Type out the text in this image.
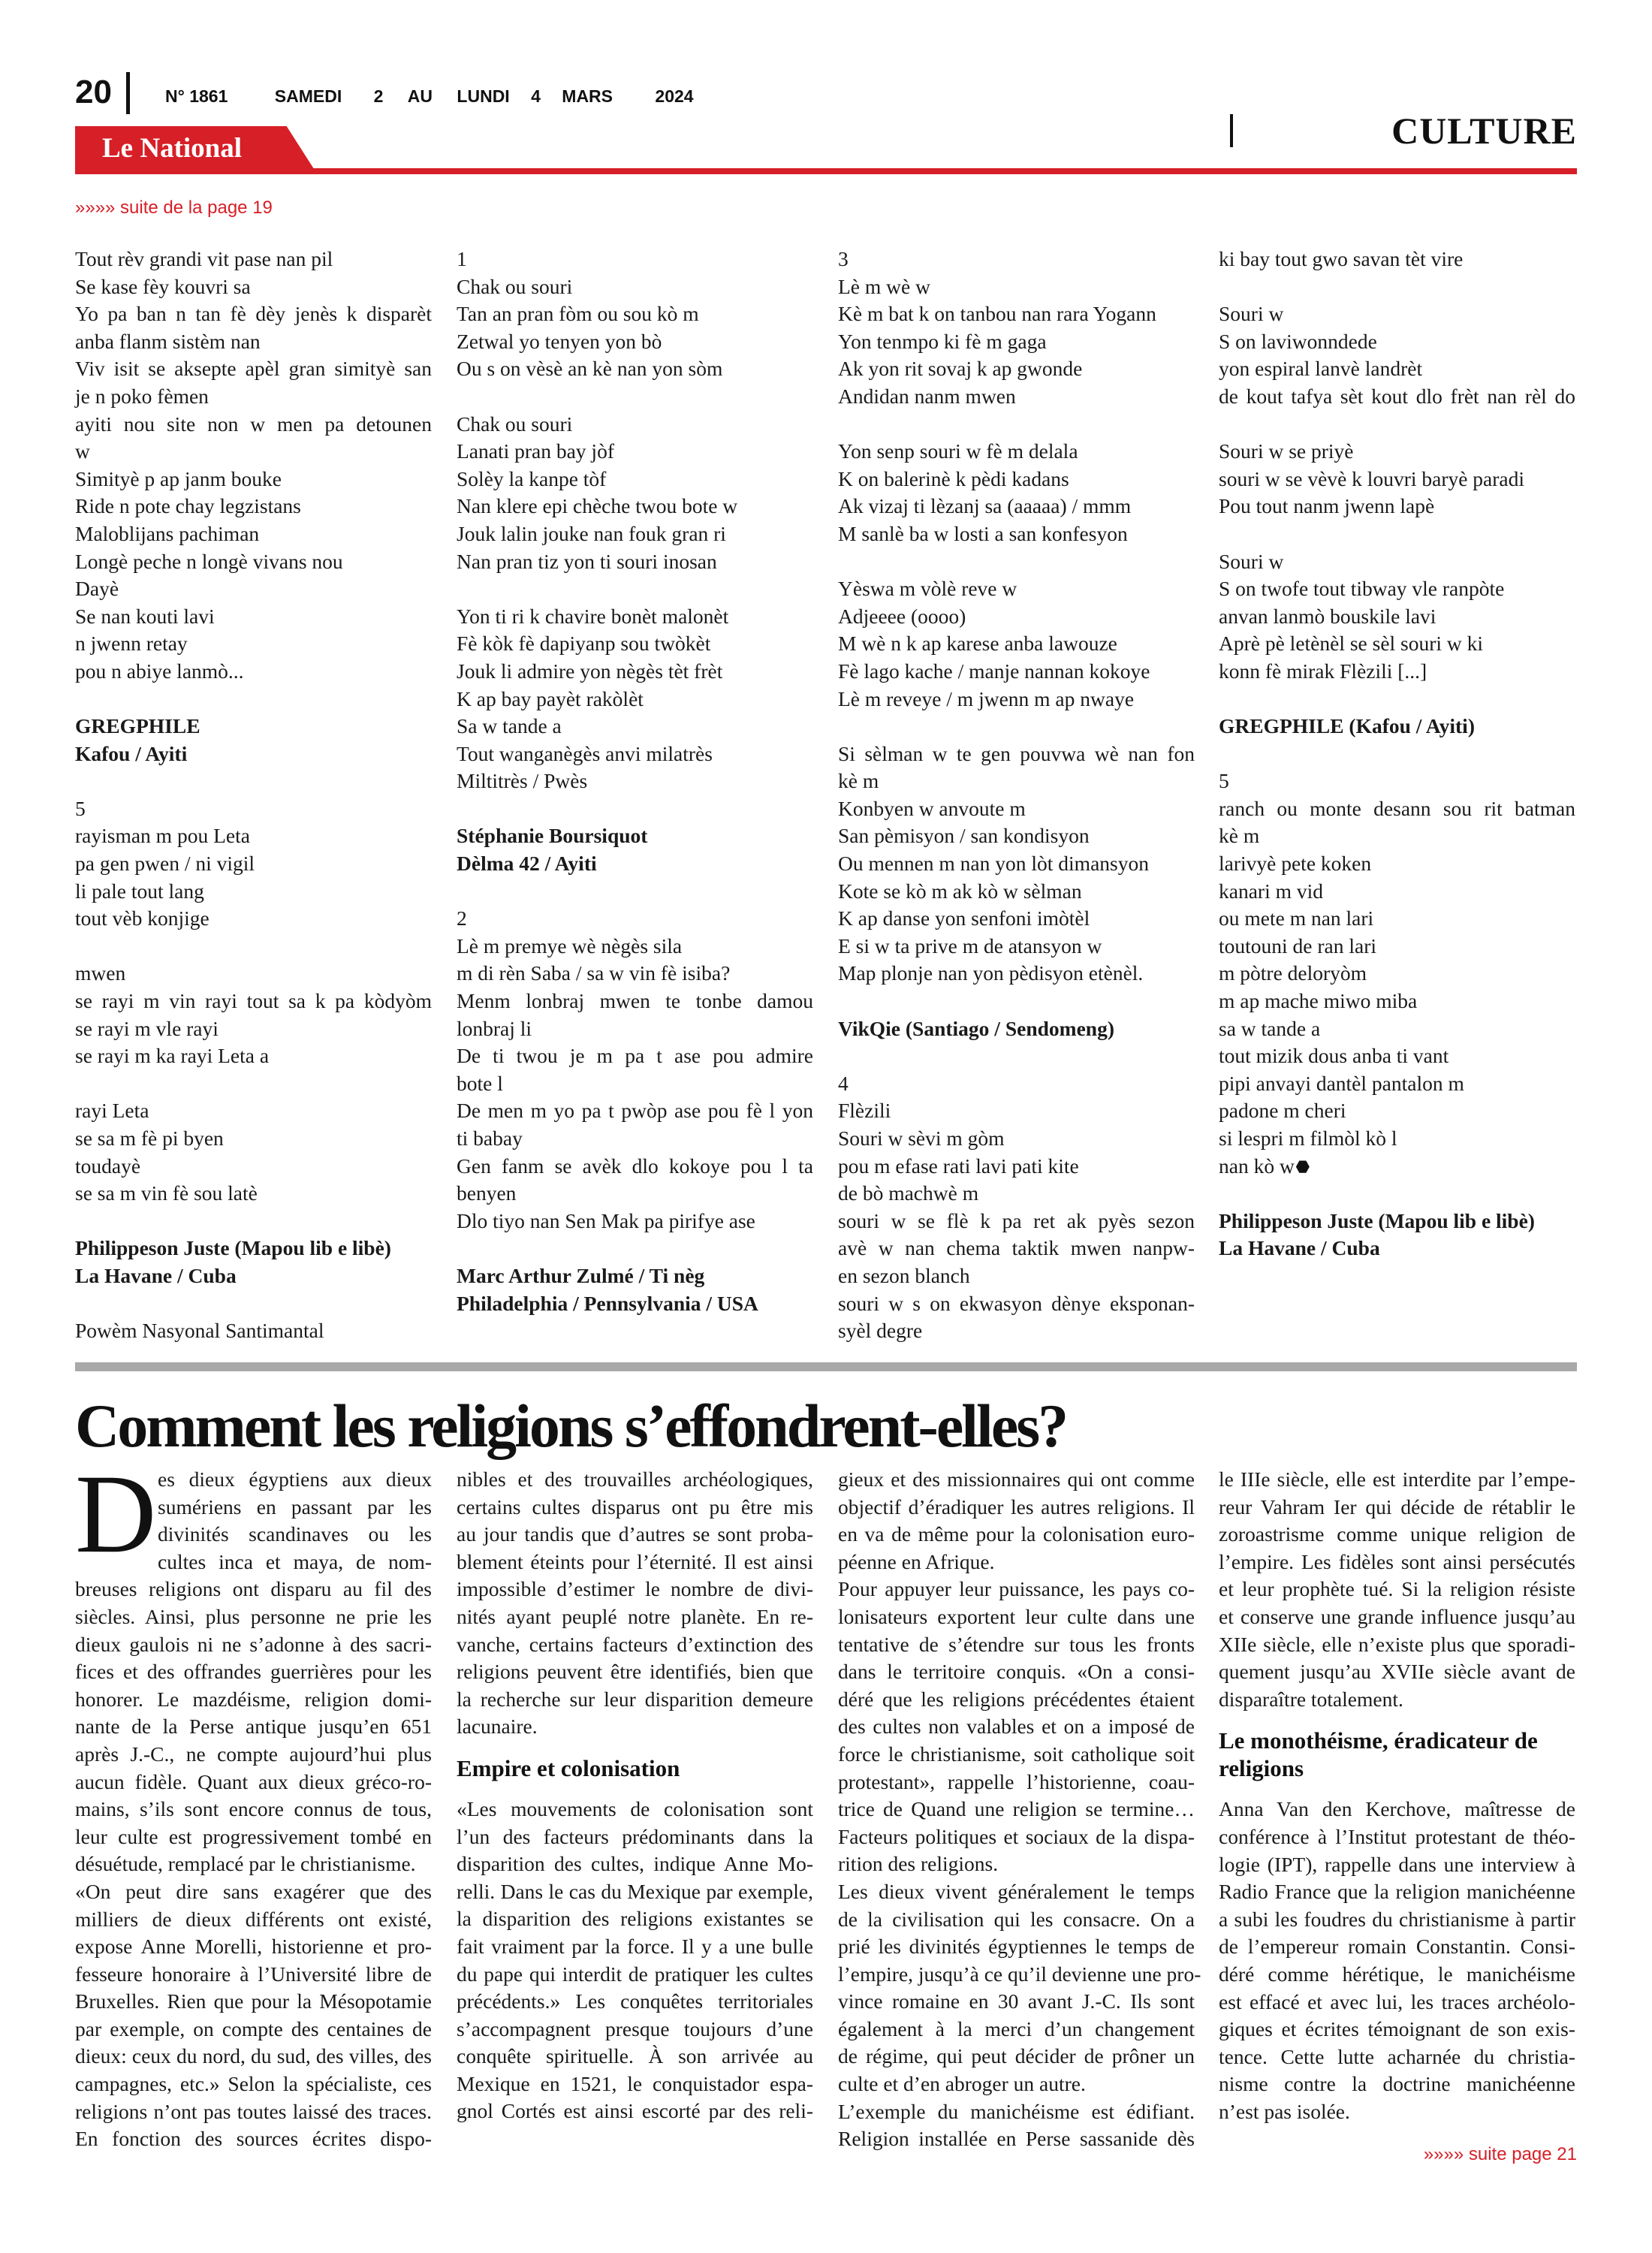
20	N° 1861	SAMEDI 2 AU LUNDI 4 MARS 2024
Le National	CULTURE
»»»» suite de la page 19
Tout rèv grandi vit pase nan pil
Se kase fèy kouvri sa
Yo pa ban n tan fè dèy jenès k disparèt
anba flanm sistèm nan
Viv isit se aksepte apèl gran simityè san
je n poko fèmen
ayiti nou site non w men pa detounen
w
Simityè p ap janm bouke
Ride n pote chay legzistans
Maloblijans pachiman
Longè peche n longè vivans nou
Dayè
Se nan kouti lavi
n jwenn retay
pou n abiye lanmò...
GREGPHILE
Kafou / Ayiti
5
rayisman m pou Leta
pa gen pwen / ni vigil
li pale tout lang
tout vèb konjige
mwen
se rayi m vin rayi tout sa k pa kòdyòm
se rayi m vle rayi
se rayi m ka rayi Leta a
rayi Leta
se sa m fè pi byen
toudayè
se sa m vin fè sou latè
Philippeson Juste (Mapou lib e libè)
La Havane / Cuba
Powèm Nasyonal Santimantal
1
Chak ou souri
Tan an pran fòm ou sou kò m
Zetwal yo tenyen yon bò
Ou s on vèsè an kè nan yon sòm
Chak ou souri
Lanati pran bay jòf
Solèy la kanpe tòf
Nan klere epi chèche twou bote w
Jouk lalin jouke nan fouk gran ri
Nan pran tiz yon ti souri inosan
Yon ti ri k chavire bonèt malonèt
Fè kòk fè dapiyanp sou twòkèt
Jouk li admire yon nègès tèt frèt
K ap bay payèt rakòlèt
Sa w tande a
Tout wanganègès anvi milatrès
Miltitrès / Pwès
Stéphanie Boursiquot
Dèlma 42 / Ayiti
2
Lè m premye wè nègès sila
m di rèn Saba / sa w vin fè isiba?
Menm lonbraj mwen te tonbe damou
lonbraj li
De ti twou je m pa t ase pou admire
bote l
De men m yo pa t pwòp ase pou fè l yon
ti babay
Gen fanm se avèk dlo kokoye pou l ta
benyen
Dlo tiyo nan Sen Mak pa pirifye ase
Marc Arthur Zulmé / Ti nèg
Philadelphia / Pennsylvania / USA
3
Lè m wè w
Kè m bat k on tanbou nan rara Yogann
Yon tenmpo ki fè m gaga
Ak yon rit sovaj k ap gwonde
Andidan nanm mwen
Yon senp souri w fè m delala
K on balerinè k pèdi kadans
Ak vizaj ti lèzanj sa (aaaaa) / mmm
M sanlè ba w losti a san konfesyon
Yèswa m vòlè reve w
Adjeeee (oooo)
M wè n k ap karese anba lawouze
Fè lago kache / manje nannan kokoye
Lè m reveye / m jwenn m ap nwaye
Si sèlman w te gen pouvwa wè nan fon
kè m
Konbyen w anvoute m
San pèmisyon / san kondisyon
Ou mennen m nan yon lòt dimansyon
Kote se kò m ak kò w sèlman
K ap danse yon senfoni imòtèl
E si w ta prive m de atansyon w
Map plonje nan yon pèdisyon etènèl.
VikQie (Santiago / Sendomeng)
4
Flèzili
Souri w sèvi m gòm
pou m efase rati lavi pati kite
de bò machwè m
souri w se flè k pa ret ak pyès sezon
avè w nan chema taktik mwen nanpw-
en sezon blanch
souri w s on ekwasyon dènye eksponan-
syèl degre
ki bay tout gwo savan tèt vire
Souri w
S on laviwonndede
yon espiral lanvè landrèt
de kout tafya sèt kout dlo frèt nan rèl do
Souri w se priyè
souri w se vèvè k louvri baryè paradi
Pou tout nanm jwenn lapè
Souri w
S on twofe tout tibway vle ranpòte
anvan lanmò bouskile lavi
Aprè pè letènèl se sèl souri w ki
konn fè mirak Flèzili [...]
GREGPHILE (Kafou / Ayiti)
5
ranch ou monte desann sou rit batman
kè m
larivyè pete koken
kanari m vid
ou mete m nan lari
toutouni de ran lari
m pòtre deloryòm
m ap mache miwo miba
sa w tande a
tout mizik dous anba ti vant
pipi anvayi dantèl pantalon m
padone m cheri
si lespri m filmòl kò l
nan kò w
Philippeson Juste (Mapou lib e libè)
La Havane / Cuba
Comment les religions s’effondrent-elles?
D es dieux égyptiens aux dieux
sumériens en passant par les
divinités scandinaves ou les
cultes inca et maya, de nom-
breuses religions ont disparu au fil des
siècles. Ainsi, plus personne ne prie les
dieux gaulois ni ne s’adonne à des sacri-
fices et des offrandes guerrières pour les
honorer. Le mazdéisme, religion domi-
nante de la Perse antique jusqu’en 651
après J.-C., ne compte aujourd’hui plus
aucun fidèle. Quant aux dieux gréco-ro-
mains, s’ils sont encore connus de tous,
leur culte est progressivement tombé en
désuétude, remplacé par le christianisme.
«On peut dire sans exagérer que des
milliers de dieux différents ont existé,
expose Anne Morelli, historienne et pro-
fesseure honoraire à l’Université libre de
Bruxelles. Rien que pour la Mésopotamie
par exemple, on compte des centaines de
dieux: ceux du nord, du sud, des villes, des
campagnes, etc.» Selon la spécialiste, ces
religions n’ont pas toutes laissé des traces.
En fonction des sources écrites dispo-
nibles et des trouvailles archéologiques,
certains cultes disparus ont pu être mis
au jour tandis que d’autres se sont proba-
blement éteints pour l’éternité. Il est ainsi
impossible d’estimer le nombre de divi-
nités ayant peuplé notre planète. En re-
vanche, certains facteurs d’extinction des
religions peuvent être identifiés, bien que
la recherche sur leur disparition demeure
lacunaire.
Empire et colonisation
«Les mouvements de colonisation sont
l’un des facteurs prédominants dans la
disparition des cultes, indique Anne Mo-
relli. Dans le cas du Mexique par exemple,
la disparition des religions existantes se
fait vraiment par la force. Il y a une bulle
du pape qui interdit de pratiquer les cultes
précédents.» Les conquêtes territoriales
s’accompagnent presque toujours d’une
conquête spirituelle. À son arrivée au
Mexique en 1521, le conquistador espa-
gnol Cortés est ainsi escorté par des reli-
gieux et des missionnaires qui ont comme
objectif d’éradiquer les autres religions. Il
en va de même pour la colonisation euro-
péenne en Afrique.
Pour appuyer leur puissance, les pays co-
lonisateurs exportent leur culte dans une
tentative de s’étendre sur tous les fronts
dans le territoire conquis. «On a consi-
déré que les religions précédentes étaient
des cultes non valables et on a imposé de
force le christianisme, soit catholique soit
protestant», rappelle l’historienne, coau-
trice de Quand une religion se termine…
Facteurs politiques et sociaux de la dispa-
rition des religions.
Les dieux vivent généralement le temps
de la civilisation qui les consacre. On a
prié les divinités égyptiennes le temps de
l’empire, jusqu’à ce qu’il devienne une pro-
vince romaine en 30 avant J.-C. Ils sont
également à la merci d’un changement
de régime, qui peut décider de prôner un
culte et d’en abroger un autre.
L’exemple du manichéisme est édifiant.
Religion installée en Perse sassanide dès
le IIIe siècle, elle est interdite par l’empe-
reur Vahram Ier qui décide de rétablir le
zoroastrisme comme unique religion de
l’empire. Les fidèles sont ainsi persécutés
et leur prophète tué. Si la religion résiste
et conserve une grande influence jusqu’au
XIIe siècle, elle n’existe plus que sporadi-
quement jusqu’au XVIIe siècle avant de
disparaître totalement.
Le monothéisme, éradicateur de religions
Anna Van den Kerchove, maîtresse de
conférence à l’Institut protestant de théo-
logie (IPT), rappelle dans une interview à
Radio France que la religion manichéenne
a subi les foudres du christianisme à partir
de l’empereur romain Constantin. Consi-
déré comme hérétique, le manichéisme
est effacé et avec lui, les traces archéolo-
giques et écrites témoignant de son exis-
tence. Cette lutte acharnée du christia-
nisme contre la doctrine manichéenne
n’est pas isolée.
»»»» suite page 21
